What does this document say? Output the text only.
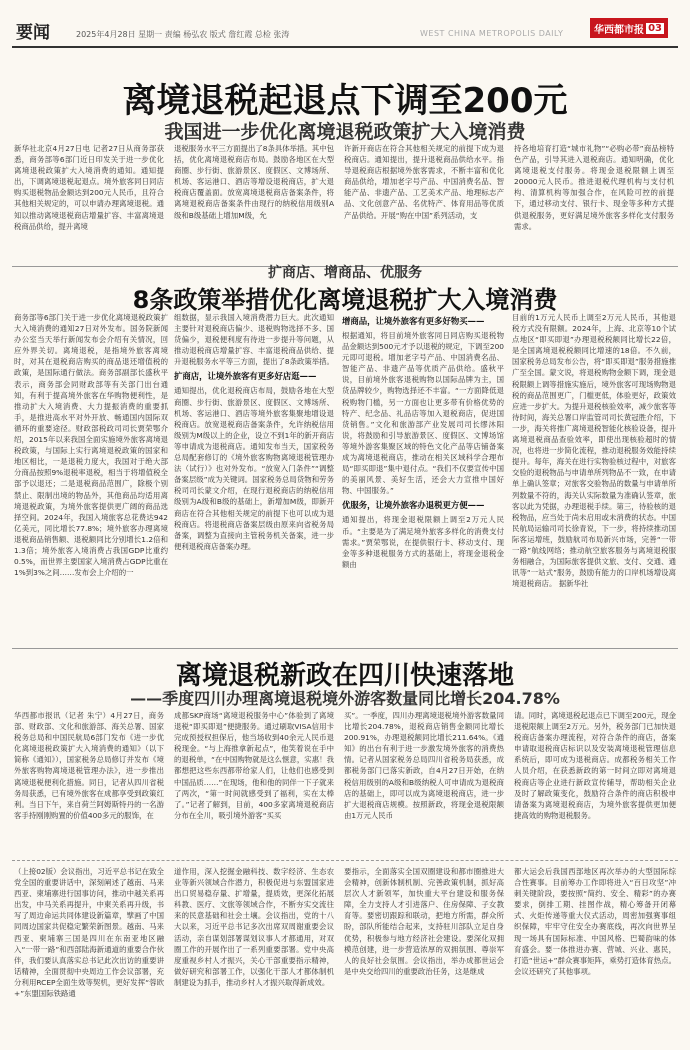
要闻	2025年4月28日 星期一 责编 杨弘农 版式 詹红霞 总检 张涛	WEST CHINA METROPOLIS DAILY	华西都市报 03
离境退税起退点下调至200元
我国进一步优化离境退税政策扩大入境消费
新华社北京4月27日电 记者27日从商务部获悉，商务部等6部门近日印发关于进一步优化离境退税政策扩大入境消费的通知。通知提出，下调离境退税起退点。境外旅客同日同店购买退税物品金额达到200元人民币，且符合其他相关规定的，可以申请办理离境退税。通知以推动离境退税商店增量扩容、丰富离境退税商品供给，提升离境
退税服务水平三方面提出了8条具体举措。其中包括，优化离境退税商店布局。鼓励各地区在大型商圈、步行街、旅游景区、度假区、文博场所、机场、客运港口、酒店等增设退税商店，扩大退税商店覆盖面。放宽离境退税商店备案条件，将离境退税商店备案条件由现行的纳税信用级别A级和B级基础上增加M级，允
许新开商店在符合其他相关规定的前提下成为退税商店。通知提出，提升退税商品供给水平。指导退税商店根据境外旅客需求，不断丰富和优化商品供给，增加老字号产品、中国消费名品、智能产品、非遗产品、工艺美术产品、地理标志产品、文化创意产品、名优特产、体育用品等优质产品供给。开展“购在中国”系列活动，支
持各地培育打造“城市礼物”“必购必带”商品榜特色产品，引导其进入退税商店。通知明确，优化离境退税支付服务。将现金退税限额上调至20000元人民币。推进退税代理机构与支付机构、清算机构等加强合作，在风险可控的前提下，通过移动支付、银行卡、现金等多种方式提供退税服务，更好满足境外旅客多样化支付服务需求。
扩商店、增商品、优服务
8条政策举措优化离境退税扩大入境消费
商务部等6部门关于进一步优化离境退税政策扩大入境消费的通知27日对外发布。国务院新闻办公室当天举行新闻发布会介绍有关情况，回应外界关切。离境退税，是指境外旅客离境时，对其在退税商店购买的商品退还增值税的政策，是国际通行做法。商务部副部长盛秋平表示，商务部会同财政部等有关部门出台通知，有利于提高境外旅客在华购物便利性，是推动扩大入境消费、大力提振消费的重要抓手，是推进高水平对外开放、畅通国内国际双循环的重要途径。财政部税政司司长贾荣鄂介绍，2015年以来我国全面实施境外旅客离境退税政策，与国际上实行离境退税政策的国家和地区相比，一是退税力度大，我国对于绝大部分商品按照9%退税率退税，相当于将增值税全部予以退还；二是退税商品范围广，除极个别禁止、限制出境的物品外，其他商品均适用离境退税政策，为境外旅客提供更广阔的商品选择空间。2024年，我国入境旅客总花费达942亿美元，同比增长77.8%；境外旅客办理离境退税商品销售额、退税额同比分别增长1.2倍和1.3倍；境外旅客入境消费占我国GDP比重约0.5%，而世界主要国家入境消费占GDP比重在1%到3%之间……发布会上介绍的一

组数据，显示我国入境消费潜力巨大。此次通知主要针对退税商店偏少、退税购物选择不多、国货偏少，退税便利度有待进一步提升等问题，从推动退税商店增量扩容、丰富退税商品供给、提升退税服务水平等三方面，提出了8条政策举措。

扩商店，让境外旅客有更多好店逛——

通知提出，优化退税商店布局，鼓励各地在大型商圈、步行街、旅游景区、度假区、文博场所、机场、客运港口、酒店等境外旅客集聚地增设退税商店。放宽退税商店备案条件，允许纳税信用级别为M级以上的企业，设立不到1年的新开商店等申请成为退税商店。通知发布当天，国家税务总局配套修订的《境外旅客购物离境退税管理办法（试行）》也对外发布。“放宽入门条件”“调整备案层级”成为关键词。国家税务总局货物和劳务税司司长蒙文介绍，在现行退税商店的纳税信用级别为A级和B级的基础上，新增加M级，即新开商店在符合其他相关规定的前提下也可以成为退税商店。将退税商店备案层级由原来向省税务局备案，调整为直接向主管税务机关备案，进一步便利退税商店备案办理。

增商品，让境外旅客有更多好物买——

根据通知，将目前境外旅客同日同店购买退税物品金额达到500元才予以退税的规定，下调至200元即可退税。增加老字号产品、中国消费名品、智能产品、非遗产品等优质产品供给。盛秋平说，目前境外旅客退税购物以国际品牌为主，国货品牌较少，购物选择还不丰富。“一方面降低退税购物门槛，另一方面也让更多带有价格优势的特产、纪念品、礼品店等加入退税商店，促进国货销售。”文化和旅游部产业发展司司长缪沐阳说，将鼓励和引导旅游景区、度假区、文博场馆等境外游客集聚区域的特色文化产品等店铺备案成为离境退税商店，推动在相关区域科学合理布局“即买即退”集中退付点。“我们不仅要宣传中国的美丽风景、美好生活，还会大力宣推中国好物、中国服务。”

优服务，让境外旅客办退税更方便——

通知提出，将现金退税限额上调至2万元人民币。“主要是为了满足境外旅客多样化的消费支付需求。”贾荣鄂说，在提供银行卡、移动支付、现金等多种退税服务方式的基础上，将现金退税金额由

目前的1万元人民币上调至2万元人民币，其他退税方式没有限额。2024年，上海、北京等10个试点地区“即买即退”办理退税税额同比增长22倍，是全国离境退税税额同比增速的18倍。不久前，国家税务总局发布公告，将“即买即退”服务措施推广至全国。蒙文说，将退税购物金额下调，现金退税限额上调等措施实施后，境外旅客可现场购物退税的商品范围更广，门槛更低，体验更好，政策效应进一步扩大。为提升退税核验效率，减少旅客等待时间，海关总署口岸监管司司长黄冠胜介绍，下一步，海关将推广离境退税智能化核验设备，提升离境退税商品查验效率，即使出现核验超时的情况，也将进一步简化流程，推动退税服务效能持续提升。每年，海关在进行实物验核过程中，对旅客交验的退税物品与申请单所列物品不一致，在申请单上确认签章；对旅客交验物品的数量与申请单所列数量不符的，海关认实际数量为准确认签章，旅客以此为凭据，办理退税手续。第三，待验核的退税物品，应当处于尚未启用或未消费的状态。中国民航局运输司司长徐青说，下一步，将持续推动国际客运增班，鼓励航司布局新兴市场，完善“一带一路”航线网络；推动航空旅客服务与离境退税服务相融合，为国际旅客提供文旅、支付、交通、通讯等“一站式”服务，鼓励有能力的口岸机场增设离境退税商店。 据新华社
离境退税新政在四川快速落地
——季度四川办理离境退税境外游客数量同比增长204.78%
华西都市报讯（记者 朱宁）4月27日，商务部、财政部、文化和旅游部、海关总署、国家税务总局和中国民航局6部门发布《进一步优化离境退税政策扩大入境消费的通知》（以下简称《通知》），国家税务总局修订并发布《境外旅客购物离境退税管理办法》，进一步推出离境退税便利化措施。同日，记者从四川省税务局获悉，已有境外旅客在成都享受到政策红利。当日下午，来自荷兰阿姆斯特丹的一名游客手持刚刚购置的价值400多元的服饰，在
成都SKP商场“离境退税服务中心”体验到了离境退税“即买即退”便捷服务。通过刷取VISA信用卡完成预授权担保后，他当场收到40余元人民币退税现金。“与上海推拿新起点”，他笑着说在手中的退税单，“在中国购物就是这么惬意，实惠！我都想把这些东西都带给家人们，让他们也感受到中国品质……”在现场，他和他的同伴一下子就来了两次，“第一时间就感受到了福利，实在太棒了。”记者了解到，目前，400多家离境退税商店分布在全川，吸引境外游客“买买
买”。一季度，四川办理离境退税境外游客数量同比增长204.78%，退税商店销售金额同比增长200.91%，办理退税额同比增长211.64%。《通知》的出台有利于进一步激发境外旅客的消费热情。记者从国家税务总局四川省税务局获悉，成都税务部门已落实新政，自4月27日开始，在纳税信用级别的A级和B级纳税人可申请成为退税商店的基础上，即可以成为离境退税商店，进一步扩大退税商店规模。按照新政，将现金退税限额由1万元人民币
请。同时，离境退税起退点已下调至200元，现金退税限额上调至2万元。另外，税务部门已加快退税商店备案办理流程，对符合条件的商店，备案申请取退税商店标识以及安装离境退税管理信息系统后，即可成为退税商店。成都税务相关工作人员介绍，在获悉新政的第一时间立即对离境退税商店等企业进行新政宣传辅导，帮助相关企业及时了解政策变化，鼓励符合条件的商店积极申请备案为离境退税商店，为境外旅客提供更加便捷高效的购物退税服务。
（上接02版）会议指出，习近平总书记在致全党全国的重要讲话中，深刻阐述了越南、马来西亚、柬埔寨进行国事访问，推动中越关系再出发，中马关系再提升，中柬关系再升级，书写了周边命运共同体建设新篇章，擘画了中国同周边国家共促稳定繁荣新图景。越南、马来西亚、柬埔寨三国是四川在东南亚地区融入“一带一路”和西部陆海新通道的重要合作伙伴，我们要认真落实总书记此次出访的重要讲话精神，全面贯彻中央周边工作会议部署，充分利用RCEP全面生效等契机，更好发挥“蓉欧+”东盟国际铁路通
道作用，深入挖掘金融科技、数字经济、生态农业等新兴领域合作潜力，积极促进与东盟国家进出口贸易稳存量、扩增量，提质效，更深化拓展科教、医疗、文旅等领域合作，不断夯实交流往来的民意基础和社会土壤。会议指出，党的十八大以来，习近平总书记多次出席双周谢重要会议活动，亲自谋划部署谋划议事人才都通用，对双圈工作的开展作出了一系列重要部署。党中央高度重视乡村人才振兴，关心干部重要指示精神，做好研究和部署工作，以强化干部人才都体制机制建设为抓手，推动乡村人才振兴取得新成效。
要指示，全面落实全国双圈建设和都市圈推进大会精神，创新体制机制、完善政策机制，抓好高层次人才新领军，加快重大平台建设和服务保障，全力支持人才引进落户、住房保障、子女教育等。要密切跟踪和联动，把地方所需，群众所盼，部队所能结合起来，支持驻川部队立足自身优势，积极参与地方经济社会建设。要深化双拥模范创建，进一步营造浓厚的双拥氛围、尊崇军人的良好社会氛围。会议指出，举办成都世运会是中央交给四川的重要政治任务，这是继成
都大运会后我国西部地区再次举办的大型国际综合性赛事。目前筹办工作即将进入“百日攻坚”冲刺关键阶段，要按照“简约、安全、精彩”的办赛要求，倒排工期、挂图作战，精心筹备开闭幕式、火炬传递等重大仪式活动，周密加强赛事组织保障，牢牢守住安全办赛底线，再次向世界呈现一场具有国际标准、中国风格、巴蜀韵味的体育盛会。要一体推进办赛、营城、兴业、惠民，打造“世运+”群众赛事矩阵，乘势打造体育热点。会议还研究了其他事项。
